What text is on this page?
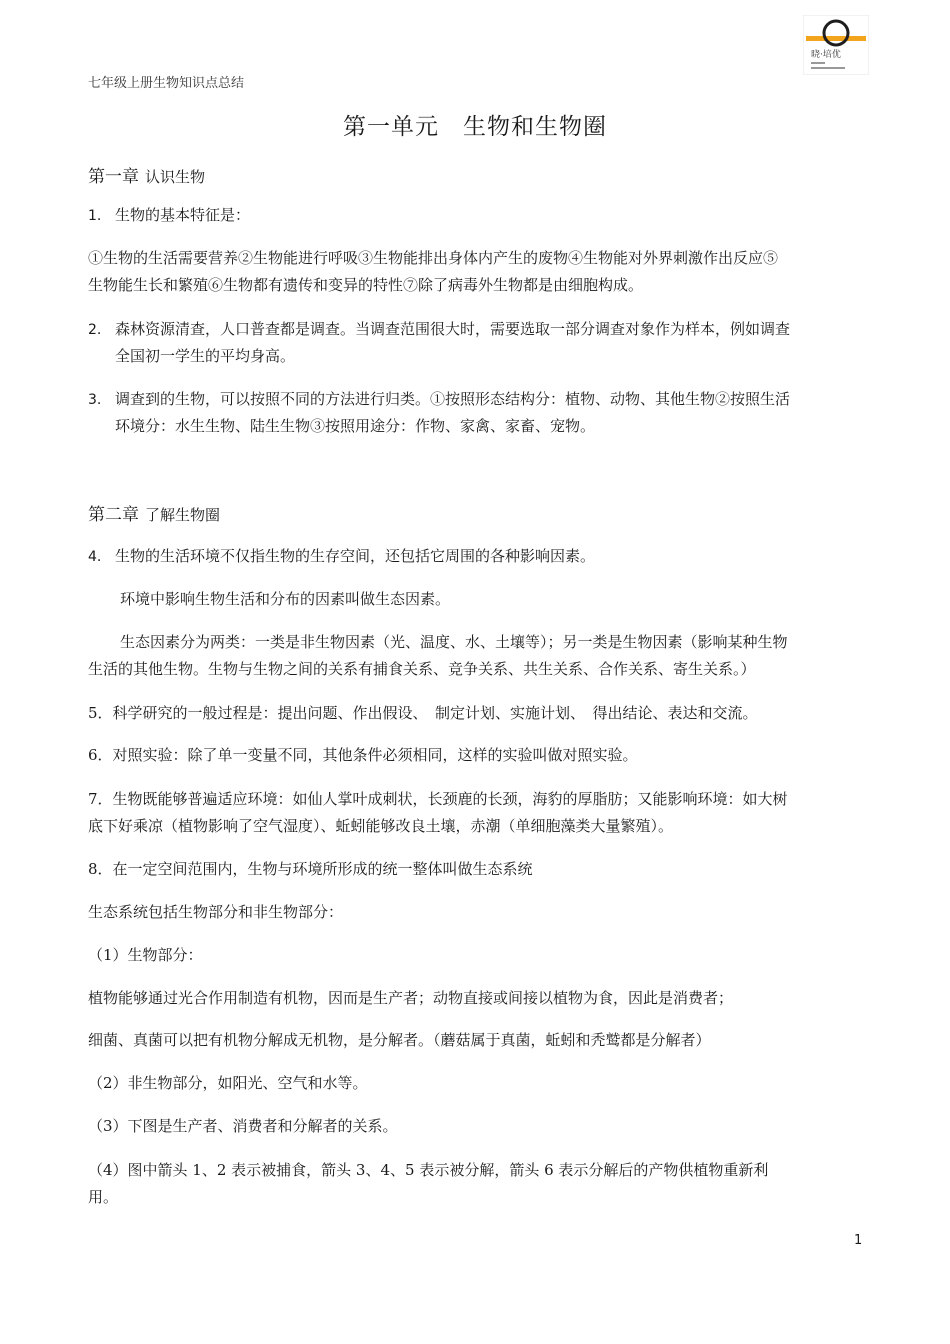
七年级上册生物知识点总结
晓·培优
第一单元　生物和生物圈
第一章 认识生物
1. 生物的基本特征是：
①生物的生活需要营养②生物能进行呼吸③生物能排出身体内产生的废物④生物能对外界刺激作出反应⑤
生物能生长和繁殖⑥生物都有遗传和变异的特性⑦除了病毒外生物都是由细胞构成。
2. 森林资源清查，人口普查都是调查。当调查范围很大时，需要选取一部分调查对象作为样本，例如调查
全国初一学生的平均身高。
3. 调查到的生物，可以按照不同的方法进行归类。①按照形态结构分：植物、动物、其他生物②按照生活
环境分：水生生物、陆生生物③按照用途分：作物、家禽、家畜、宠物。
第二章 了解生物圈
4. 生物的生活环境不仅指生物的生存空间，还包括它周围的各种影响因素。
环境中影响生物生活和分布的因素叫做生态因素。
生态因素分为两类：一类是非生物因素（光、温度、水、土壤等）；另一类是生物因素（影响某种生物
生活的其他生物。生物与生物之间的关系有捕食关系、竞争关系、共生关系、合作关系、寄生关系。）
5．科学研究的一般过程是：提出问题、作出假设、　制定计划、实施计划、　得出结论、表达和交流。
6．对照实验：除了单一变量不同，其他条件必须相同，这样的实验叫做对照实验。
7．生物既能够普遍适应环境：如仙人掌叶成刺状，长颈鹿的长颈，海豹的厚脂肪；又能影响环境：如大树
底下好乘凉（植物影响了空气湿度）、蚯蚓能够改良土壤，赤潮（单细胞藻类大量繁殖）。
8．在一定空间范围内，生物与环境所形成的统一整体叫做生态系统
生态系统包括生物部分和非生物部分：
（1）生物部分：
植物能够通过光合作用制造有机物，因而是生产者；动物直接或间接以植物为食，因此是消费者；
细菌、真菌可以把有机物分解成无机物，是分解者。（蘑菇属于真菌，蚯蚓和秃鹫都是分解者）
（2）非生物部分，如阳光、空气和水等。
（3）下图是生产者、消费者和分解者的关系。
（4）图中箭头 1、2 表示被捕食，箭头 3、4、5 表示被分解，箭头 6 表示分解后的产物供植物重新利
用。
1
